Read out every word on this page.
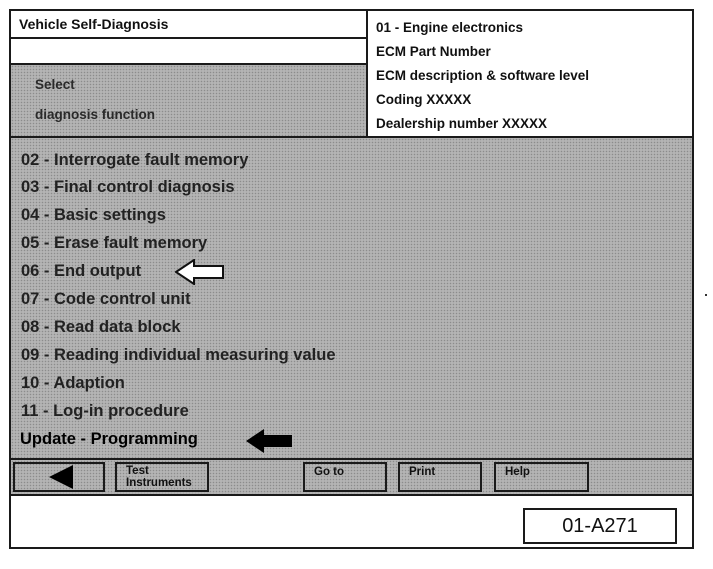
Vehicle Self-Diagnosis
Select
diagnosis function
01 - Engine electronics
ECM Part Number
ECM description & software level
Coding XXXXX
Dealership number XXXXX
02 - Interrogate fault memory
03 - Final control diagnosis
04 - Basic settings
05 - Erase fault memory
06 - End output
07 - Code control unit
08 - Read data block
09 - Reading individual measuring value
10 - Adaption
11 - Log-in procedure
Update - Programming
Test
Instruments
Go to	Print	Help
01-A271
